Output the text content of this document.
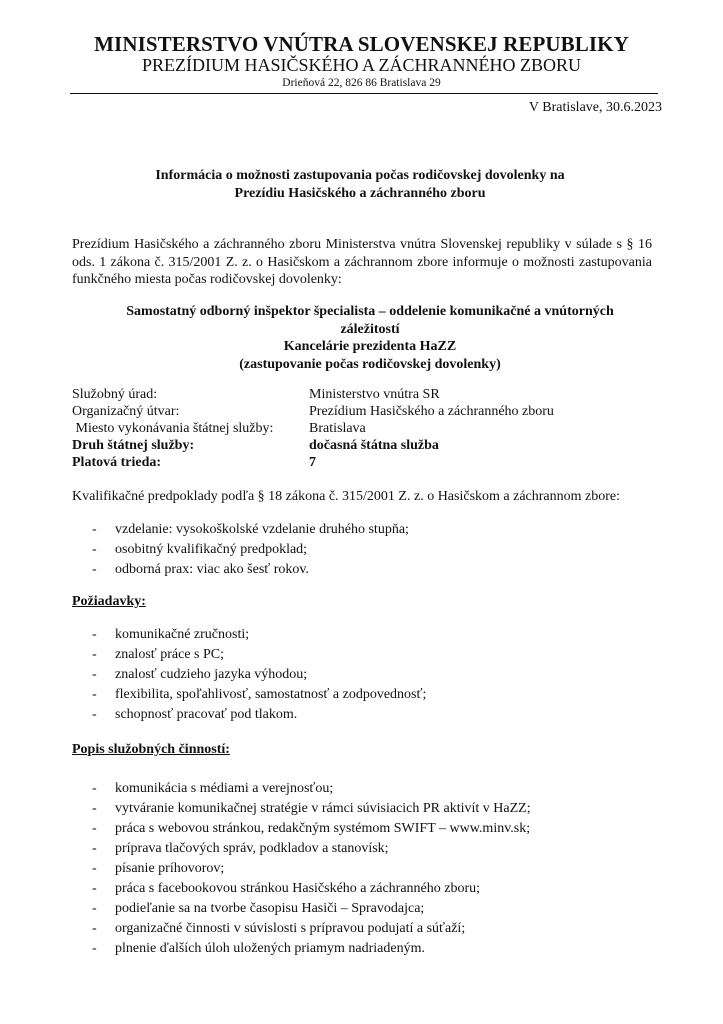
MINISTERSTVO VNÚTRA SLOVENSKEJ REPUBLIKY
PREZÍDIUM HASIČSKÉHO A ZÁCHRANNÉHO ZBORU
Drieňová 22, 826 86 Bratislava 29
V Bratislave, 30.6.2023
Informácia o možnosti zastupovania počas rodičovskej dovolenky na
Prezídiu Hasičského a záchranného zboru
Prezídium Hasičského a záchranného zboru Ministerstva vnútra Slovenskej republiky v súlade s § 16 ods. 1 zákona č. 315/2001 Z. z. o Hasičskom a záchrannom zbore informuje o možnosti zastupovania funkčného miesta počas rodičovskej dovolenky:
Samostatný odborný inšpektor špecialista – oddelenie komunikačné a vnútorných
záležitostí
Kancelárie prezidenta HaZZ
(zastupovanie počas rodičovskej dovolenky)
Služobný úrad:	Ministerstvo vnútra SR
Organizačný útvar:	Prezídium Hasičského a záchranného zboru
Miesto vykonávania štátnej služby:	Bratislava
Druh štátnej služby:	dočasná štátna služba
Platová trieda:	7
Kvalifikačné predpoklady podľa § 18 zákona č. 315/2001 Z. z. o Hasičskom a záchrannom zbore:
- vzdelanie: vysokoškolské vzdelanie druhého stupňa;
- osobitný kvalifikačný predpoklad;
- odborná prax: viac ako šesť rokov.
Požiadavky:
- komunikačné zručnosti;
- znalosť práce s PC;
- znalosť cudzieho jazyka výhodou;
- flexibilita, spoľahlivosť, samostatnosť a zodpovednosť;
- schopnosť pracovať pod tlakom.
Popis služobných činností:
- komunikácia s médiami a verejnosťou;
- vytváranie komunikačnej stratégie v rámci súvisiacich PR aktivít v HaZZ;
- práca s webovou stránkou, redakčným systémom SWIFT – www.minv.sk;
- príprava tlačových správ, podkladov a stanovísk;
- písanie príhovorov;
- práca s facebookovou stránkou Hasičského a záchranného zboru;
- podieľanie sa na tvorbe časopisu Hasiči – Spravodajca;
- organizačné činnosti v súvislosti s prípravou podujatí a súťaží;
- plnenie ďalších úloh uložených priamym nadriadeným.
